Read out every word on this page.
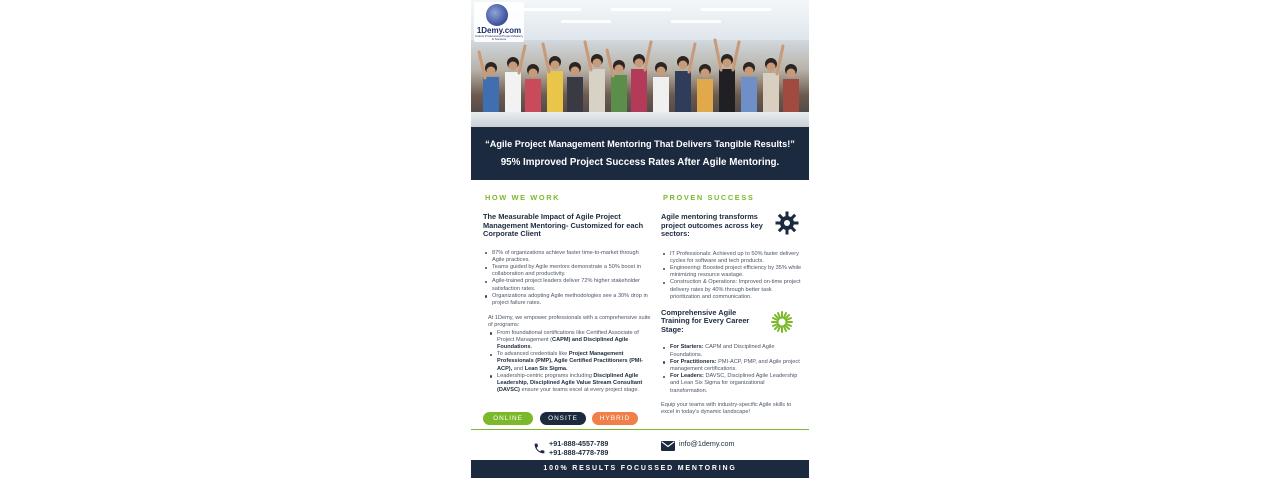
1Demy.com
Unlock Professional Project Mastery & Success
“Agile Project Management Mentoring That Delivers Tangible Results!”
95% Improved Project Success Rates After Agile Mentoring.
HOW WE WORK
The Measurable Impact of Agile Project Management Mentoring- Customized for each Corporate Client
87% of organizations achieve faster time-to-market through Agile practices.
Teams guided by Agile mentors demonstrate a 50% boost in collaboration and productivity.
Agile-trained project leaders deliver 72% higher stakeholder satisfaction rates.
Organizations adopting Agile methodologies see a 30% drop in project failure rates.
At 1Demy, we empower professionals with a comprehensive suite of programs:
From foundational certifications like Certified Associate of Project Management (CAPM) and Disciplined Agile Foundations.
To advanced credentials like Project Management Professionals (PMP), Agile Certified Practitioners (PMI-ACP), and Lean Six Sigma.
Leadership-centric programs including Disciplined Agile Leadership, Disciplined Agile Value Stream Consultant (DAVSC) ensure your teams excel at every project stage.
PROVEN SUCCESS
Agile mentoring transforms project outcomes across key sectors:
IT Professionals: Achieved up to 50% faster delivery cycles for software and tech products.
Engineering: Boosted project efficiency by 35% while minimizing resource wastage.
Construction & Operations: Improved on-time project delivery rates by 40% through better task prioritization and communication.
Comprehensive Agile Training for Every Career Stage:
For Starters: CAPM and Disciplined Agile Foundations.
For Practitioners: PMI-ACP, PMP, and Agile project management certifications.
For Leaders: DAVSC, Disciplined Agile Leadership and Lean Six Sigma for organizational transformation.
Equip your teams with industry-specific Agile skills to excel in today's dynamic landscape!
ONLINE	ONSITE	HYBRID
+91-888-4557-789
+91-888-4778-789
info@1demy.com
100% RESULTS FOCUSSED MENTORING
